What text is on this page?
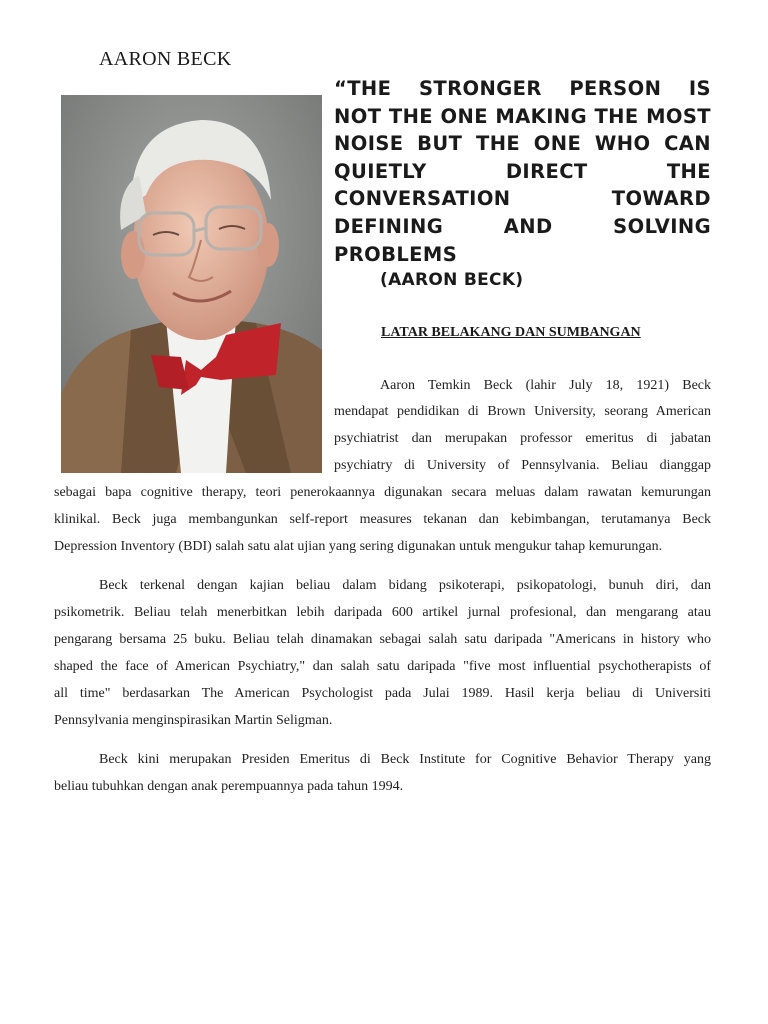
AARON BECK
“THE STRONGER PERSON IS
NOT THE ONE MAKING THE MOST
NOISE BUT THE ONE WHO CAN
QUIETLY	DIRECT	THE
CONVERSATION	TOWARD
DEFINING	AND	SOLVING
PROBLEMS

(AARON BECK)

LATAR BELAKANG DAN SUMBANGAN
Aaron Temkin Beck (lahir July 18, 1921) Beck
mendapat pendidikan di Brown University, seorang American
psychiatrist dan merupakan professor emeritus di jabatan
psychiatry di University of Pennsylvania. Beliau dianggap
sebagai bapa cognitive therapy, teori penerokaannya digunakan secara meluas dalam rawatan kemurungan
klinikal. Beck juga membangunkan self-report measures tekanan dan kebimbangan, terutamanya Beck
Depression Inventory (BDI) salah satu alat ujian yang sering digunakan untuk mengukur tahap kemurungan.
Beck terkenal dengan kajian beliau dalam bidang psikoterapi, psikopatologi, bunuh diri, dan
psikometrik. Beliau telah menerbitkan lebih daripada 600 artikel jurnal profesional, dan mengarang atau
pengarang bersama 25 buku. Beliau telah dinamakan sebagai salah satu daripada "Americans in history who
shaped the face of American Psychiatry," dan salah satu daripada "five most influential psychotherapists of
all time" berdasarkan The American Psychologist pada Julai 1989. Hasil kerja beliau di Universiti
Pennsylvania menginspirasikan Martin Seligman.
Beck kini merupakan Presiden Emeritus di Beck Institute for Cognitive Behavior Therapy yang
beliau tubuhkan dengan anak perempuannya pada tahun 1994.
